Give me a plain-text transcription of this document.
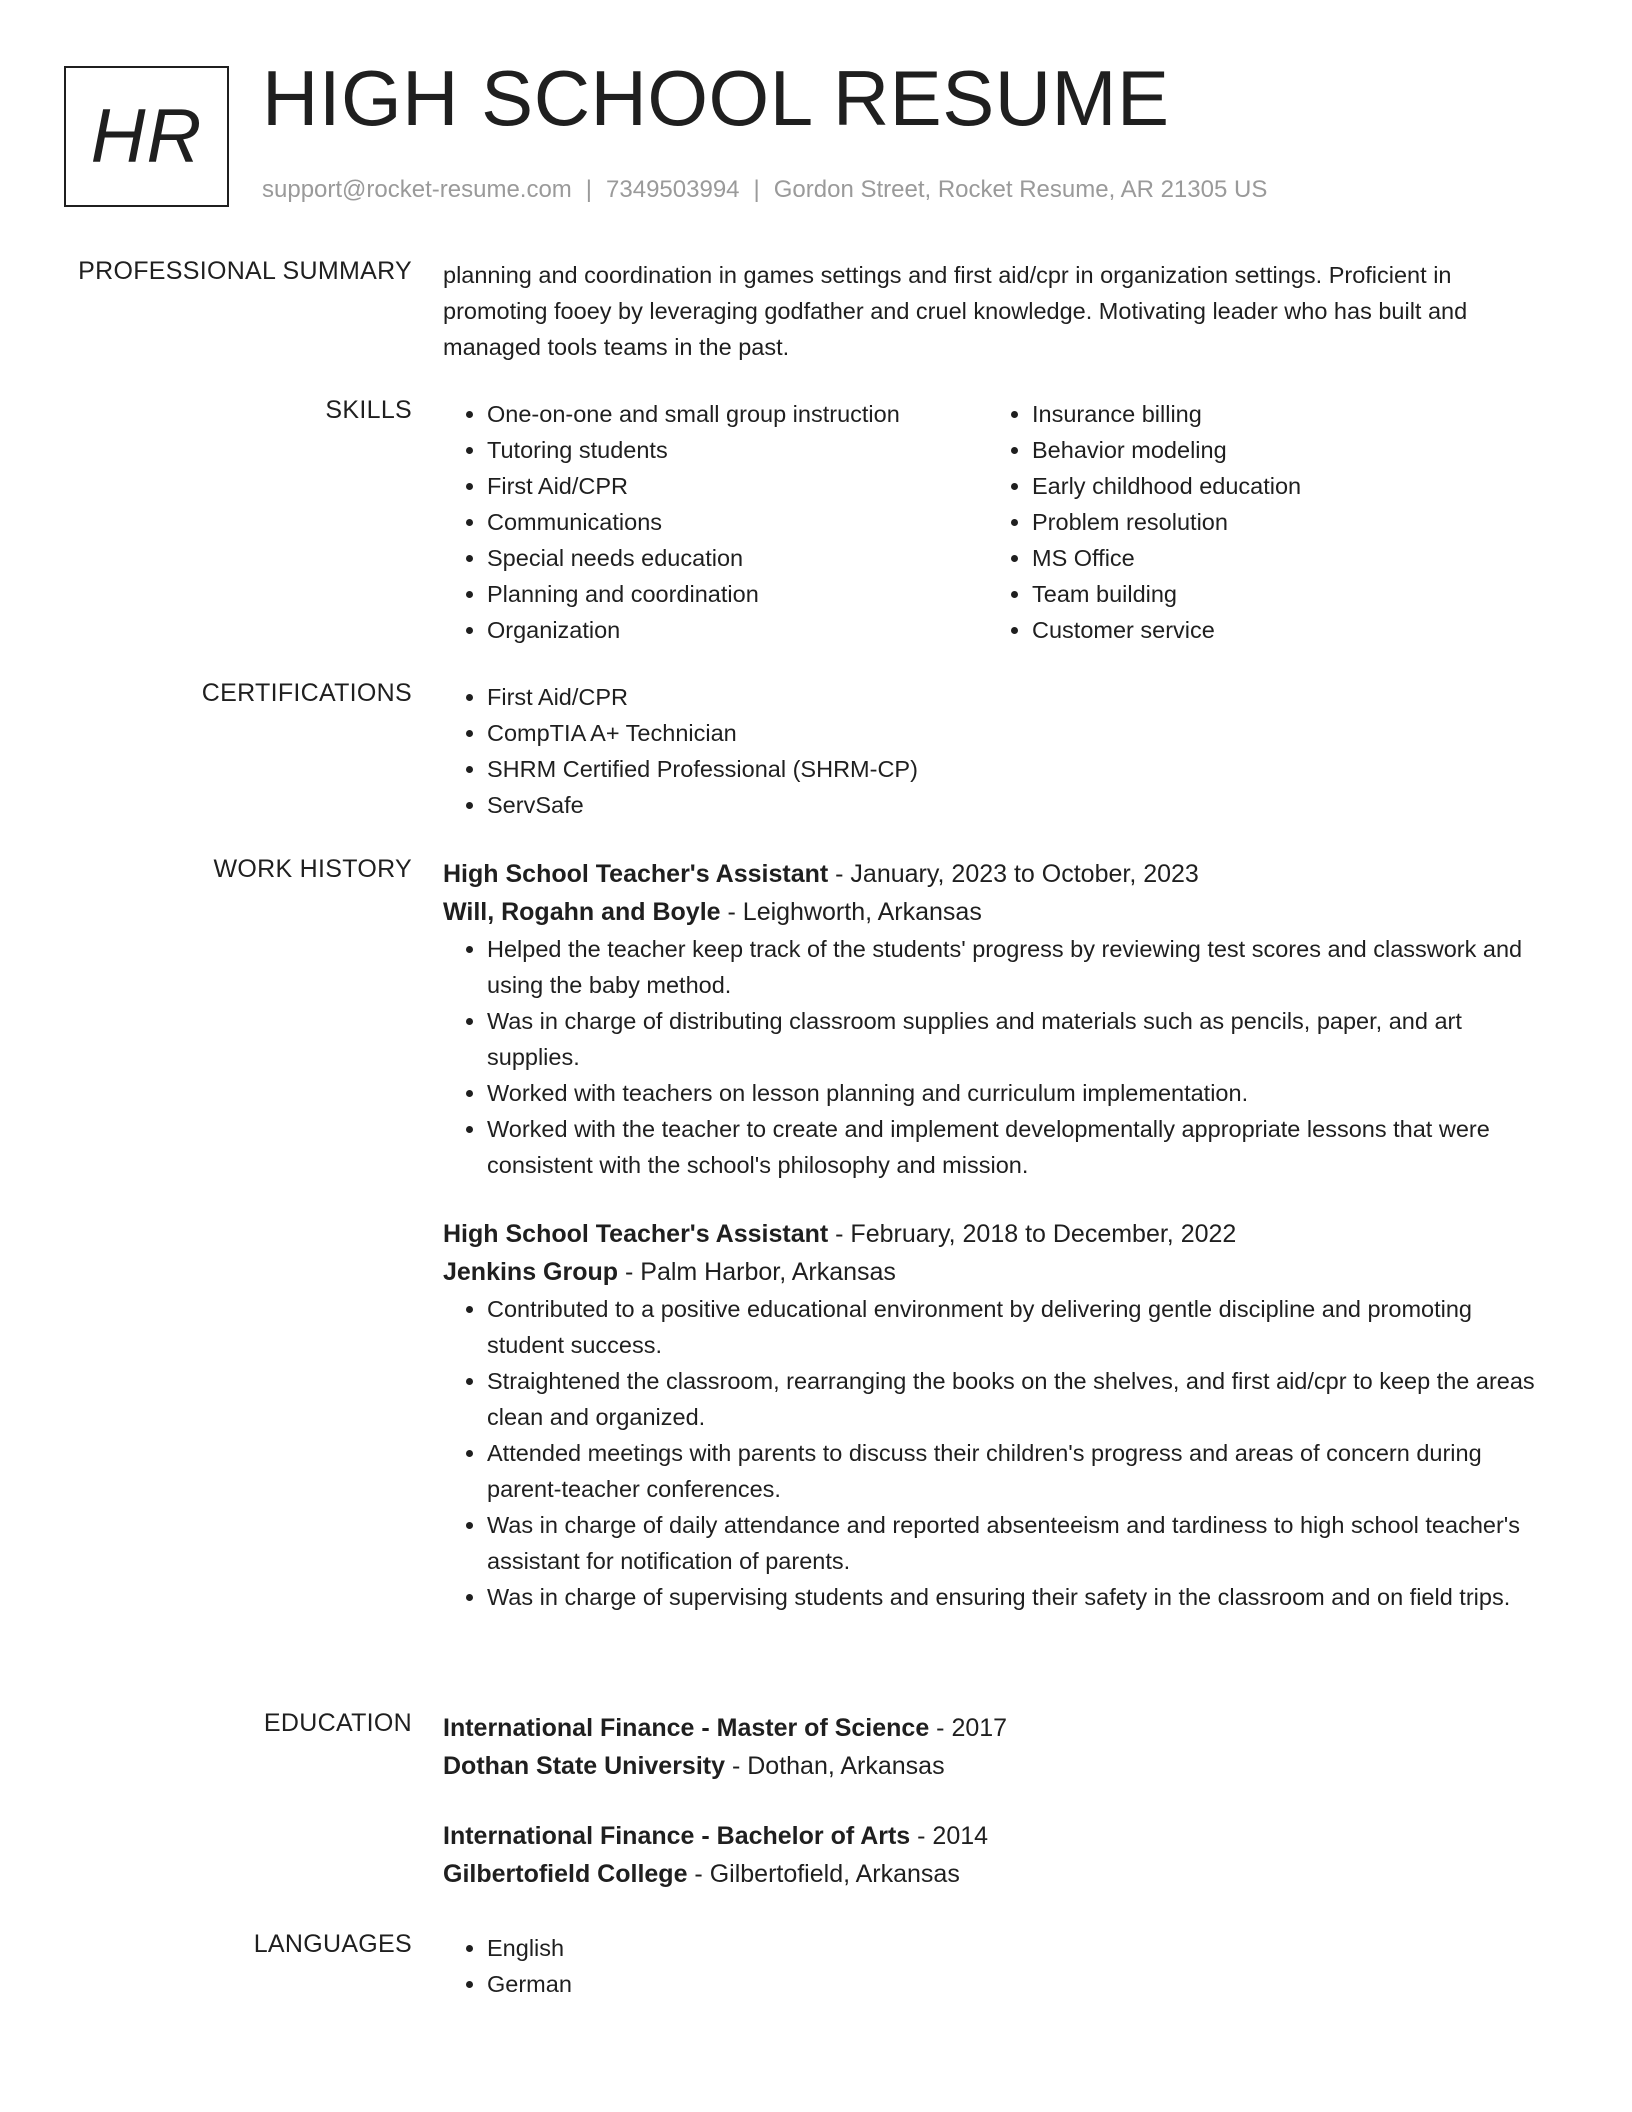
HR HIGH SCHOOL RESUME
support@rocket-resume.com | 7349503994 | Gordon Street, Rocket Resume, AR 21305 US
PROFESSIONAL SUMMARY planning and coordination in games settings and first aid/cpr in organization settings. Proficient in promoting fooey by leveraging godfather and cruel knowledge. Motivating leader who has built and managed tools teams in the past.

SKILLS	• One-on-one and small group instruction
• Tutoring students
• First Aid/CPR
• Communications
• Special needs education
• Planning and coordination
• Organization
• Insurance billing
• Behavior modeling
• Early childhood education
• Problem resolution
• MS Office
• Team building
• Customer service
CERTIFICATIONS	• First Aid/CPR
• CompTIA A+ Technician
• SHRM Certified Professional (SHRM-CP)
• ServSafe
WORK HISTORY High School Teacher's Assistant - January, 2023 to October, 2023
Will, Rogahn and Boyle - Leighworth, Arkansas
• Helped the teacher keep track of the students' progress by reviewing test scores and classwork and using the baby method.
• Was in charge of distributing classroom supplies and materials such as pencils, paper, and art supplies.
• Worked with teachers on lesson planning and curriculum implementation.
• Worked with the teacher to create and implement developmentally appropriate lessons that were consistent with the school's philosophy and mission.
High School Teacher's Assistant - February, 2018 to December, 2022
Jenkins Group - Palm Harbor, Arkansas
• Contributed to a positive educational environment by delivering gentle discipline and promoting student success.
• Straightened the classroom, rearranging the books on the shelves, and first aid/cpr to keep the areas clean and organized.
• Attended meetings with parents to discuss their children's progress and areas of concern during parent-teacher conferences.
• Was in charge of daily attendance and reported absenteeism and tardiness to high school teacher's assistant for notification of parents.
• Was in charge of supervising students and ensuring their safety in the classroom and on field trips.
EDUCATION International Finance - Master of Science - 2017
Dothan State University - Dothan, Arkansas
International Finance - Bachelor of Arts - 2014
Gilbertofield College - Gilbertofield, Arkansas
LANGUAGES	• English
• German
